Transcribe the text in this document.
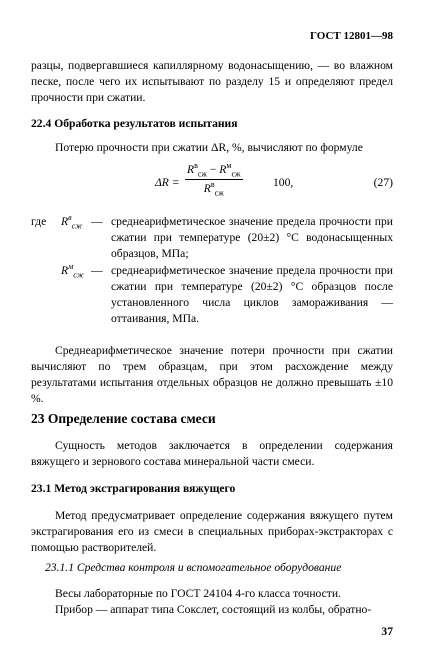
ГОСТ 12801—98

разцы, подвергавшиеся капиллярному водонасыщению, — во влажном песке, после чего их испытывают по разделу 15 и определяют предел прочности при сжатии.

22.4 Обработка результатов испытания

Потерю прочности при сжатии ΔR, %, вычисляют по формуле

ΔR =
$R^в_{сж} - R^м_{сж}$
$R^в_{сж}$
100,	(27)
где $R^в_{сж}$ — среднеарифметическое значение предела прочности при сжатии при температуре (20±2) °С водонасыщенных образцов, МПа;
$R^м_{сж}$ — среднеарифметическое значение предела прочности при сжатии при температуре (20±2) °С образцов после установленного числа циклов замораживания — оттаивания, МПа.

Среднеарифметическое значение потери прочности при сжатии вычисляют по трем образцам, при этом расхождение между результатами испытания отдельных образцов не должно превышать ±10 %.

23 Определение состава смеси

Сущность методов заключается в определении содержания вяжущего и зернового состава минеральной части смеси.

23.1 Метод экстрагирования вяжущего

Метод предусматривает определение содержания вяжущего путем экстрагирования его из смеси в специальных приборах-экстракторах с помощью растворителей.

23.1.1 Средства контроля и вспомогательное оборудование

Весы лабораторные по ГОСТ 24104 4-го класса точности.

Прибор — аппарат типа Сокслет, состоящий из колбы, обратно-

37
